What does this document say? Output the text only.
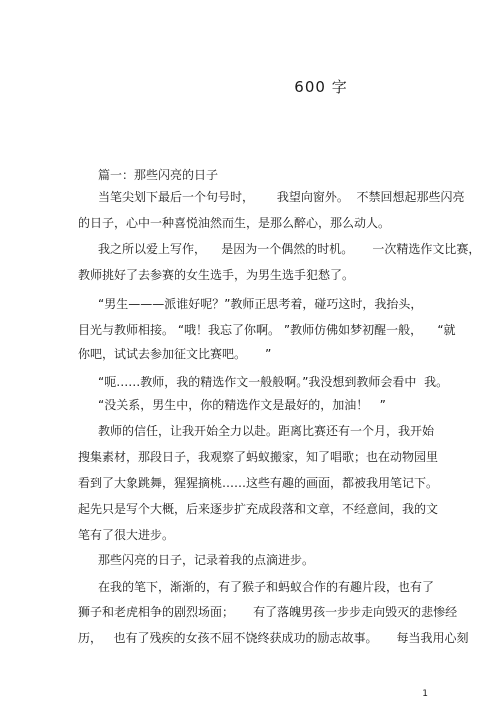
600 字
篇一：那些闪亮的日子
当笔尖划下最后一个句号时，      我望向窗外。  不禁回想起那些闪亮
的日子，心中一种喜悦油然而生，是那么醉心，那么动人。
我之所以爱上写作，    是因为一个偶然的时机。     一次精选作文比赛，
教师挑好了去参赛的女生选手，为男生选手犯愁了。
“男生———派谁好呢？”教师正思考着，碰巧这时，我抬头，
目光与教师相接。 “哦！我忘了你啊。 ”教师仿佛如梦初醒一般，    “就
你吧，试试去参加征文比赛吧。     ”
“呃……教师，我的精选作文一般般啊。”我没想到教师会看中  我。
“没关系，男生中，你的精选作文是最好的，加油！   ”
教师的信任，让我开始全力以赴。距离比赛还有一个月，我开始
搜集素材，那段日子，我观察了蚂蚁搬家，知了唱歌；也在动物园里
看到了大象跳舞，猩猩摘桃……这些有趣的画面，都被我用笔记下。
起先只是写个大概，后来逐步扩充成段落和文章，不经意间，我的文
笔有了很大进步。
那些闪亮的日子，记录着我的点滴进步。
在我的笔下，渐渐的，有了猴子和蚂蚁合作的有趣片段，也有了
狮子和老虎相争的剧烈场面；     有了落魄男孩一步步走向毁灭的悲惨经
历，   也有了残疾的女孩不屈不饶终获成功的励志故事。     每当我用心刻
1
